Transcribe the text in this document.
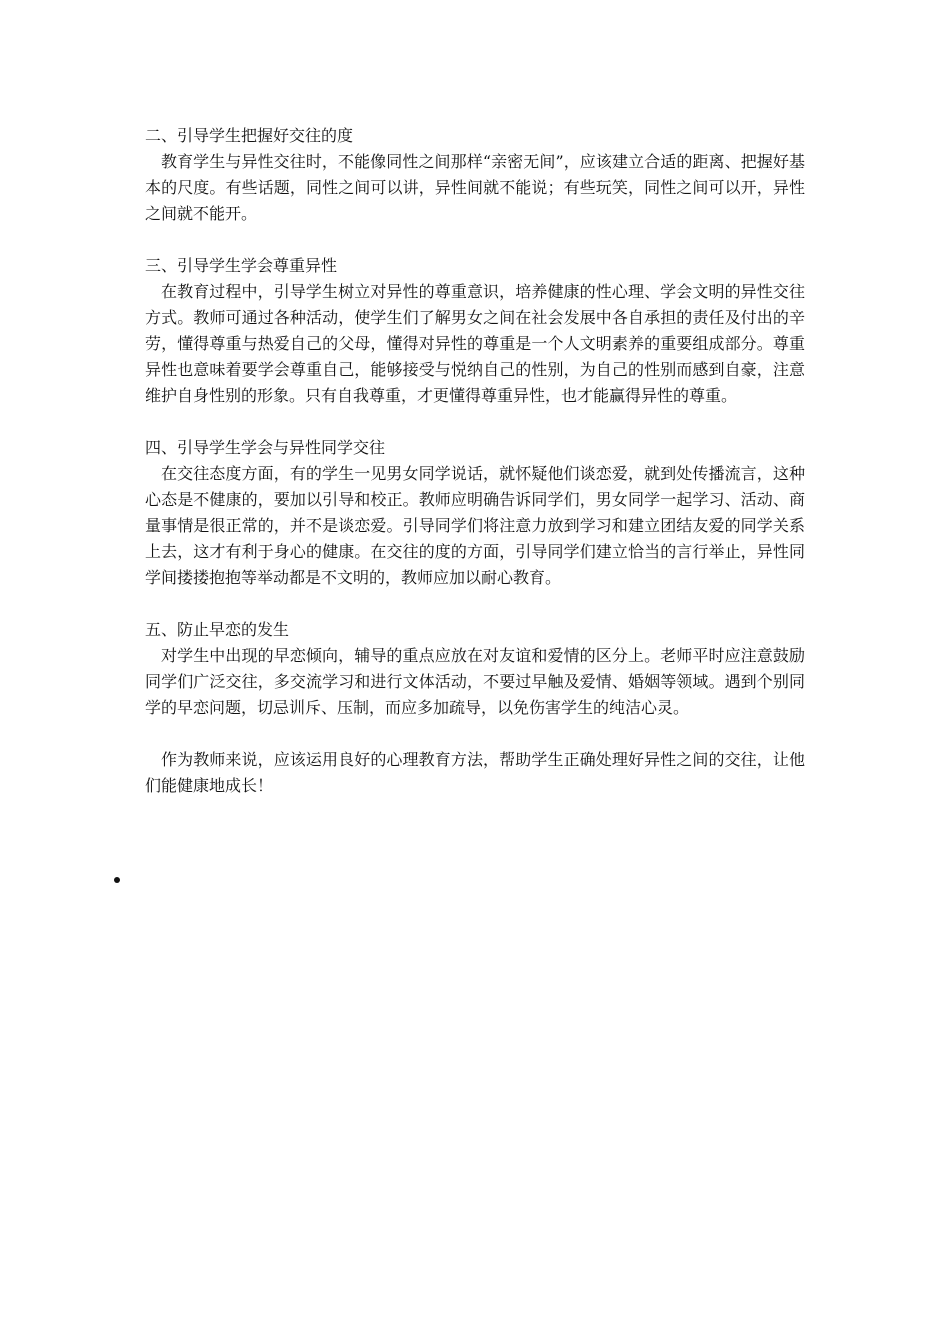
二、引导学生把握好交往的度

教育学生与异性交往时，不能像同性之间那样“亲密无间”，应该建立合适的距离、把握好基本的尺度。有些话题，同性之间可以讲，异性间就不能说；有些玩笑，同性之间可以开，异性之间就不能开。

三、引导学生学会尊重异性

在教育过程中，引导学生树立对异性的尊重意识，培养健康的性心理、学会文明的异性交往方式。教师可通过各种活动，使学生们了解男女之间在社会发展中各自承担的责任及付出的辛劳，懂得尊重与热爱自己的父母，懂得对异性的尊重是一个人文明素养的重要组成部分。尊重异性也意味着要学会尊重自己，能够接受与悦纳自己的性别，为自己的性别而感到自豪，注意维护自身性别的形象。只有自我尊重，才更懂得尊重异性，也才能赢得异性的尊重。

四、引导学生学会与异性同学交往

在交往态度方面，有的学生一见男女同学说话，就怀疑他们谈恋爱，就到处传播流言，这种心态是不健康的，要加以引导和校正。教师应明确告诉同学们，男女同学一起学习、活动、商量事情是很正常的，并不是谈恋爱。引导同学们将注意力放到学习和建立团结友爱的同学关系上去，这才有利于身心的健康。在交往的度的方面，引导同学们建立恰当的言行举止，异性同学间搂搂抱抱等举动都是不文明的，教师应加以耐心教育。

五、防止早恋的发生

对学生中出现的早恋倾向，辅导的重点应放在对友谊和爱情的区分上。老师平时应注意鼓励同学们广泛交往，多交流学习和进行文体活动，不要过早触及爱情、婚姻等领域。遇到个别同学的早恋问题，切忌训斥、压制，而应多加疏导，以免伤害学生的纯洁心灵。

作为教师来说，应该运用良好的心理教育方法，帮助学生正确处理好异性之间的交往，让他们能健康地成长！
